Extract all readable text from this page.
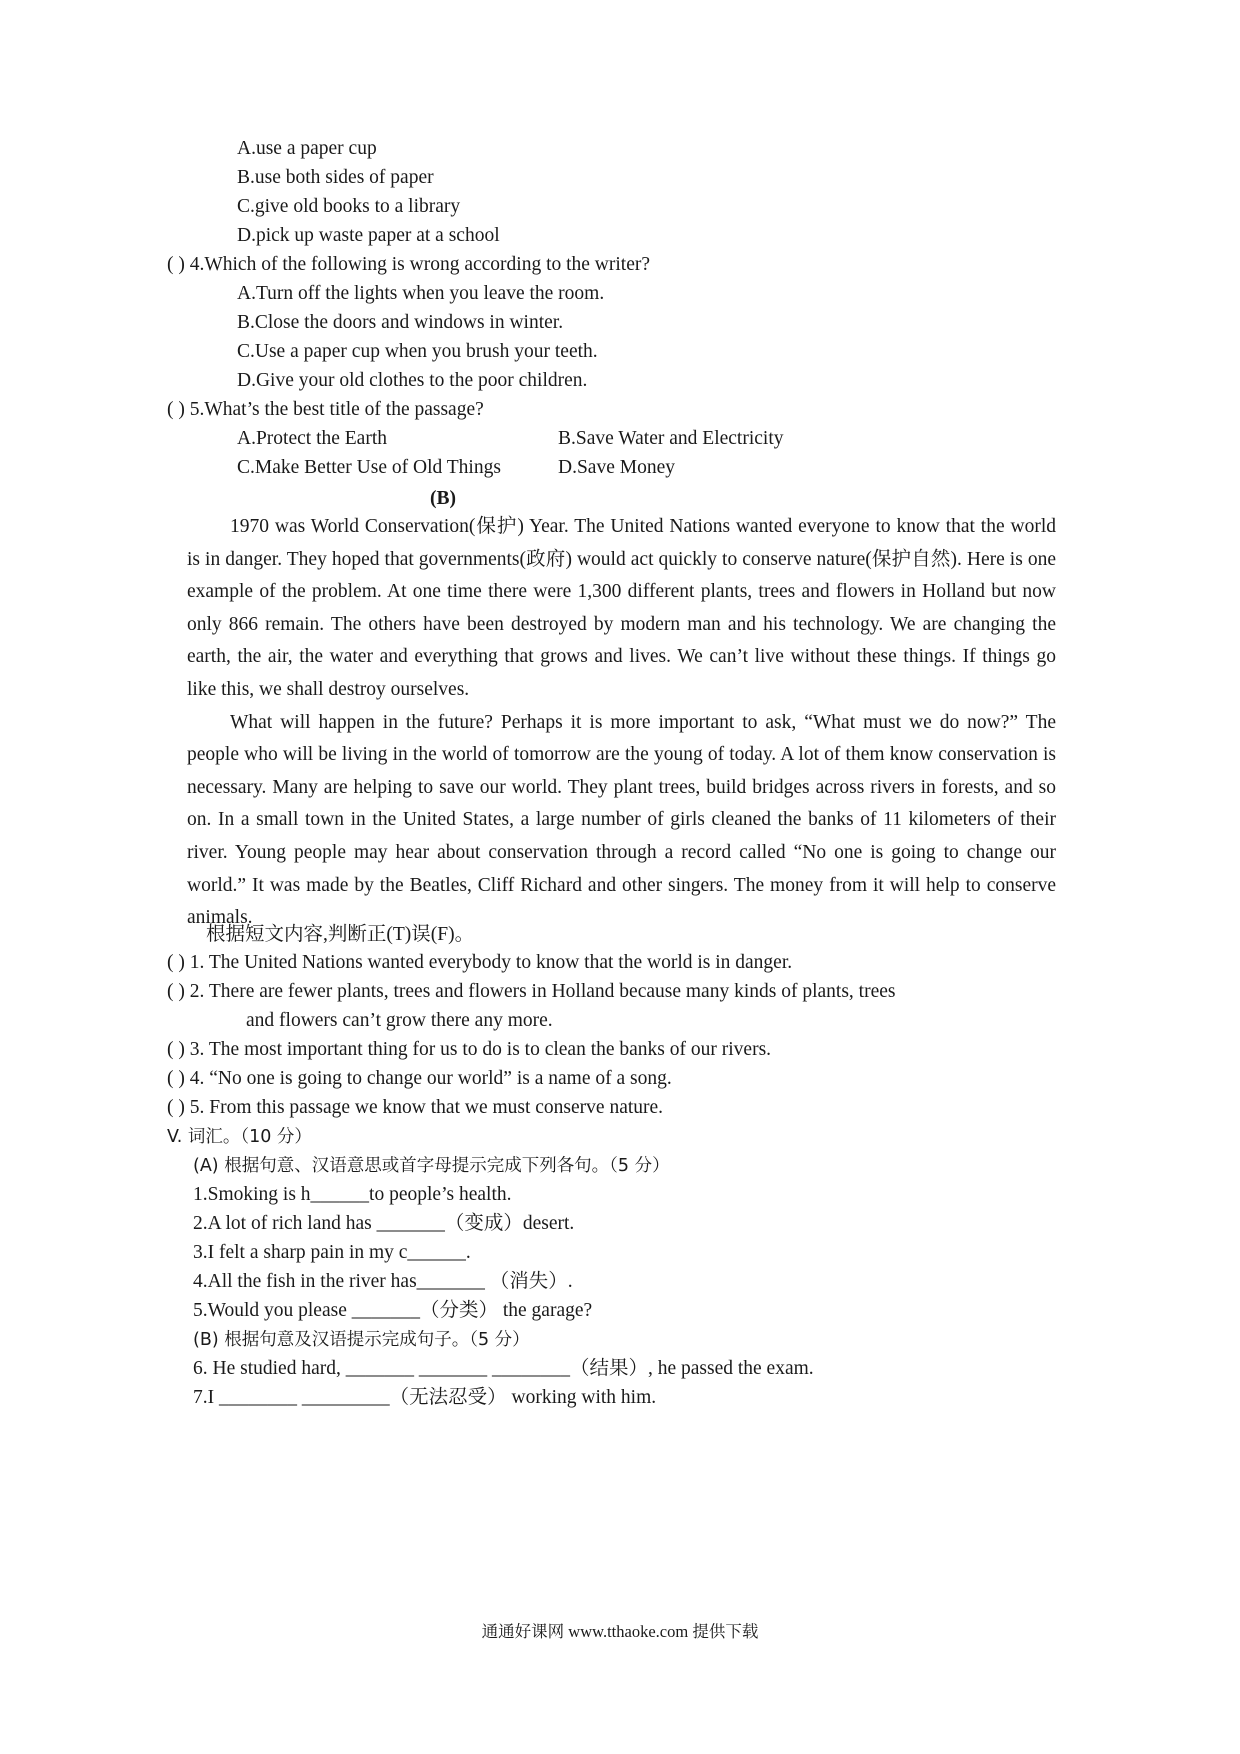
A.use a paper cup
B.use both sides of paper
C.give old books to a library
D.pick up waste paper at a school
( ) 4.Which of the following is wrong according to the writer?
A.Turn off the lights when you leave the room.
B.Close the doors and windows in winter.
C.Use a paper cup when you brush your teeth.
D.Give your old clothes to the poor children.
( ) 5.What’s the best title of the passage?
A.Protect the Earth	B.Save Water and Electricity
C.Make Better Use of Old Things	D.Save Money
(B)

1970 was World Conservation(保护) Year. The United Nations wanted everyone to know that the world is in danger. They hoped that governments(政府) would act quickly to conserve nature(保护自然). Here is one example of the problem. At one time there were 1,300 different plants, trees and flowers in Holland but now only 866 remain. The others have been destroyed by modern man and his technology. We are changing the earth, the air, the water and everything that grows and lives. We can’t live without these things. If things go like this, we shall destroy ourselves.

What will happen in the future? Perhaps it is more important to ask, “What must we do now?” The people who will be living in the world of tomorrow are the young of today. A lot of them know conservation is necessary. Many are helping to save our world. They plant trees, build bridges across rivers in forests, and so on. In a small town in the United States, a large number of girls cleaned the banks of 11 kilometers of their river. Young people may hear about conservation through a record called “No one is going to change our world.” It was made by the Beatles, Cliff Richard and other singers. The money from it will help to conserve animals.

根据短文内容,判断正(T)误(F)。
( ) 1. The United Nations wanted everybody to know that the world is in danger.
( ) 2. There are fewer plants, trees and flowers in Holland because many kinds of plants, trees
and flowers can’t grow there any more.
( ) 3. The most important thing for us to do is to clean the banks of our rivers.
( ) 4. “No one is going to change our world” is a name of a song.
( ) 5. From this passage we know that we must conserve nature.
V. 词汇。（10 分）
(A) 根据句意、汉语意思或首字母提示完成下列各句。（5 分）
1.Smoking is h______to people’s health.
2.A lot of rich land has _______（变成）desert.
3.I felt a sharp pain in my c______.
4.All the fish in the river has_______ （消失）.
5.Would you please _______（分类） the garage?
(B) 根据句意及汉语提示完成句子。（5 分）
6. He studied hard, _______ _______ ________（结果）, he passed the exam.
7.I ________ _________（无法忍受） working with him.
通通好课网 www.tthaoke.com 提供下载
